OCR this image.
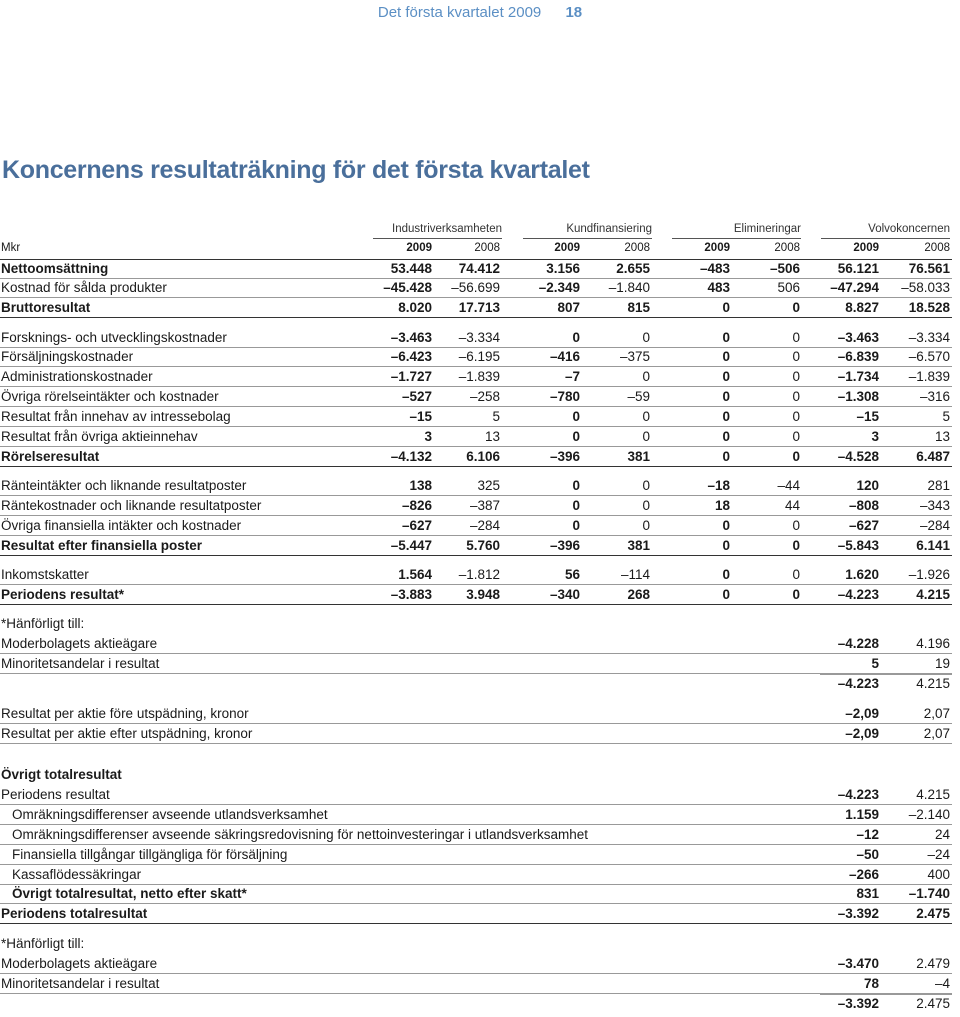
Det första kvartalet 2009 18
Koncernens resultaträkning för det första kvartalet
Industriverksamheten	Kundfinansiering	Elimineringar	Volvokoncernen
Mkr	2009	2008	2009	2008	2009	2008	2009	2008
Nettoomsättning	53.448 74.412	3.156	2.655	–483	–506	56.121 76.561
Kostnad för sålda produkter	–45.428 –56.699	–2.349 –1.840	483	506 –47.294 –58.033
Bruttoresultat	8.020 17.713	807	815	0	0	8.827 18.528
Forsknings- och utvecklingskostnader	–3.463 –3.334	0	0	0	0	–3.463 –3.334
Försäljningskostnader	–6.423 –6.195	–416	–375	0	0	–6.839 –6.570
Administrationskostnader	–1.727 –1.839	–7	0	0	0	–1.734 –1.839
Övriga rörelseintäkter och kostnader	–527	–258	–780	–59	0	0	–1.308	–316
Resultat från innehav av intressebolag	–15	5	0	0	0	0	–15	5
Resultat från övriga aktieinnehav	3	13	0	0	0	0	3	13
Rörelseresultat	–4.132	6.106	–396	381	0	0	–4.528	6.487
Ränteintäkter och liknande resultatposter	138	325	0	0	–18	–44	120	281
Räntekostnader och liknande resultatposter	–826	–387	0	0	18	44	–808	–343
Övriga finansiella intäkter och kostnader	–627	–284	0	0	0	0	–627	–284
Resultat efter finansiella poster	–5.447	5.760	–396	381	0	0	–5.843	6.141
Inkomstskatter	1.564 –1.812	56	–114	0	0	1.620 –1.926
Periodens resultat*	–3.883	3.948	–340	268	0	0	–4.223	4.215
*Hänförligt till:
Moderbolagets aktieägare	–4.228	4.196
Minoritetsandelar i resultat	5	19
–4.223	4.215
Resultat per aktie före utspädning, kronor	–2,09	2,07
Resultat per aktie efter utspädning, kronor	–2,09	2,07
Övrigt totalresultat
Periodens resultat	–4.223	4.215
Omräkningsdifferenser avseende utlandsverksamhet	1.159 –2.140
Omräkningsdifferenser avseende säkringsredovisning för nettoinvesteringar i utlandsverksamhet	–12	24
Finansiella tillgångar tillgängliga för försäljning	–50	–24
Kassaflödessäkringar	–266	400
Övrigt totalresultat, netto efter skatt*	831 –1.740
Periodens totalresultat	–3.392	2.475
*Hänförligt till:
Moderbolagets aktieägare	–3.470	2.479
Minoritetsandelar i resultat	78	–4
–3.392	2.475
